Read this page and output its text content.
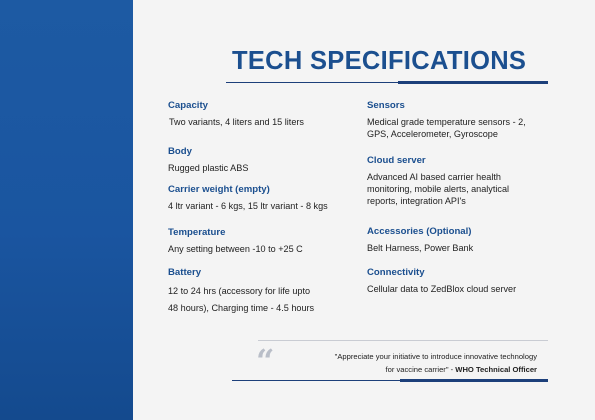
TECH SPECIFICATIONS
Capacity
Two variants, 4 liters and 15 liters
Body
Rugged plastic ABS
Carrier weight (empty)
4 ltr variant - 6 kgs, 15 ltr variant - 8 kgs
Temperature
Any setting between -10 to +25 C
Battery
12 to 24 hrs (accessory for life upto
48 hours), Charging time - 4.5 hours
Sensors
Medical grade temperature sensors - 2, GPS, Accelerometer, Gyroscope
Cloud server
Advanced AI based carrier health monitoring, mobile alerts, analytical reports, integration API's
Accessories (Optional)
Belt Harness, Power Bank
Connectivity
Cellular data to ZedBlox cloud server
“	"Appreciate your initiative to introduce innovative technology
for vaccine carrier" - WHO Technical Officer
